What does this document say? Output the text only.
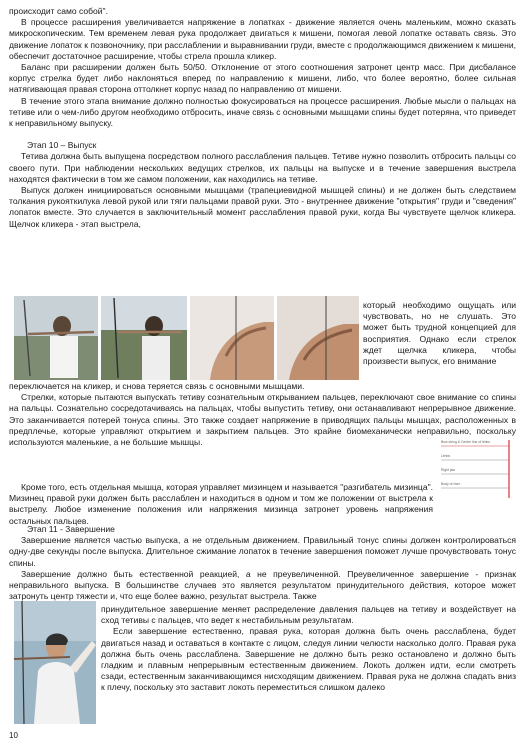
происходит само собой".

В процессе расширения увеличивается напряжение в лопатках - движение является очень маленьким, можно сказать микроскопическим. Тем временем левая рука продолжает двигаться к мишени, помогая левой лопатке оставать связь. Это движение лопаток к позвоночнику, при расслаблении и выравнивании груди, вместе с продолжающимся движением к мишени, обеспечит достаточное расширение, чтобы стрела прошла кликер.

Баланс при расширении должен быть 50/50. Отклонение от этого соотношения затронет центр масс. При дисбалансе корпус стрелка будет либо наклоняться вперед по направлению к мишени, либо, что более вероятно, более сильная натягивающая правая сторона оттолкнет корпус назад по направлению от мишени.

В течение этого этапа внимание должно полностью фокусироваться на процессе расширения. Любые мысли о пальцах на тетиве или о чем-либо другом необходимо отбросить, иначе связь с основными мышцами спины будет потеряна, что приведет к неправильному выпуску.

Этап 10 – Выпуск

Тетива должна быть выпущена посредством полного расслабления пальцев. Тетиве нужно позволить отбросить пальцы со своего пути. При наблюдении нескольких ведущих стрелков, их пальцы на выпуске и в течение завершения выстрела находятся фактически в том же самом положении, как находились на тетиве.

Выпуск должен инициироваться основными мышцами (трапециевидной мышцей спины) и не должен быть следствием толкания рукояткилука левой рукой или тяги пальцами правой руки. Это - внутреннее движение "открытия" груди и "сведения" лопаток вместе. Это случается в заключительный момент расслабления правой руки, когда Вы чувствуете щелчок кликера. Щелчок кликера - этап выстрела,

который необходимо ощущать или чувствовать, но не слушать. Это может быть трудной концепцией для восприятия. Однако если стрелок ждет щелчка кликера, чтобы произвести выпуск, его внимание

переключается на кликер, и снова теряется связь с основными мышцами.

Стрелки, которые пытаются выпускать тетиву сознательным открыванием пальцев, переключают свое внимание со спины на пальцы. Сознательно сосредотачиваясь на пальцах, чтобы выпустить тетиву, они останавливают непрерывное движение. Это заканчивается потерей тонуса спины. Это также создает напряжение в приводящих пальцы мышцах, расположенных в предплечье, которые управляют открытием и закрытием пальцев. Это крайне биомеханически неправильно, поскольку используются маленькие, а не большие мышцы.

Кроме того, есть отдельная мышца, которая управляет мизинцем и называется "разгибатель мизинца". Мизинец правой руки должен быть расслаблен и находиться в одном и том же положении от выстрела к выстрелу. Любое изменение положения или напряжения мизинца затронет уровень напряжения остальных пальцев.

Bow string & Center line of limbs
Limbs
Right jaw
Body of riser

Этап 11 - Завершение

Завершение является частью выпуска, а не отдельным движением. Правильный тонус спины должен контролироваться одну-две секунды после выпуска. Длительное сжимание лопаток в течение завершения поможет лучше прочувствовать тонус спины.

Завершение должно быть естественной реакцией, а не преувеличенной. Преувеличенное завершение - признак неправильного выпуска. В большинстве случаев это является результатом принудительного действия, которое может затронуть центр тяжести и, что еще более важно, результат выстрела. Также

принудительное завершение меняет распределение давления пальцев на тетиву и воздействует на сход тетивы с пальцев, что ведет к нестабильным результатам.

Если завершение естественно, правая рука, которая должна быть очень расслаблена, будет двигаться назад и оставаться в контакте с лицом, следуя линии челюсти насколько долго. Правая рука должна быть очень расслаблена. Завершение не должно быть резко остановлено и должно быть гладким и плавным непрерывным естественным движением. Локоть должен идти, если смотреть сзади, естественным заканчивающимся нисходящим движением. Правая рука не должна спадать вниз к плечу, поскольку это заставит локоть переместиться слишком далеко

10
